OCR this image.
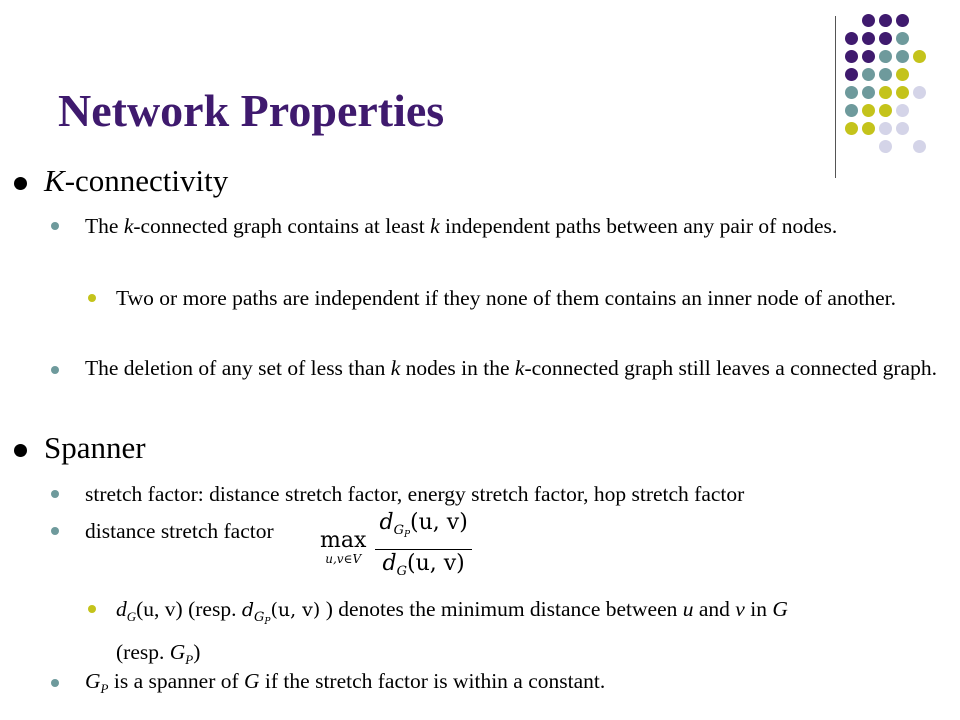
Network Properties
K-connectivity
The k-connected graph contains at least k independent paths between any pair of nodes.
Two or more paths are independent if they none of them contains an inner node of another.
The deletion of any set of less than k nodes in the k-connected graph still leaves a connected graph.
Spanner
stretch factor: distance stretch factor, energy stretch factor, hop stretch factor
distance stretch factor max
u,v∈V
$\frac{d_{G_P}(u, v)}{d_G(u, v)}$
$d_G(u$, v) (resp. $d_{G_P}(u$, v) ) denotes the minimum distance between u and v in G
(resp. $G_P$)
$G_P$ is a spanner of G if the stretch factor is within a constant.
